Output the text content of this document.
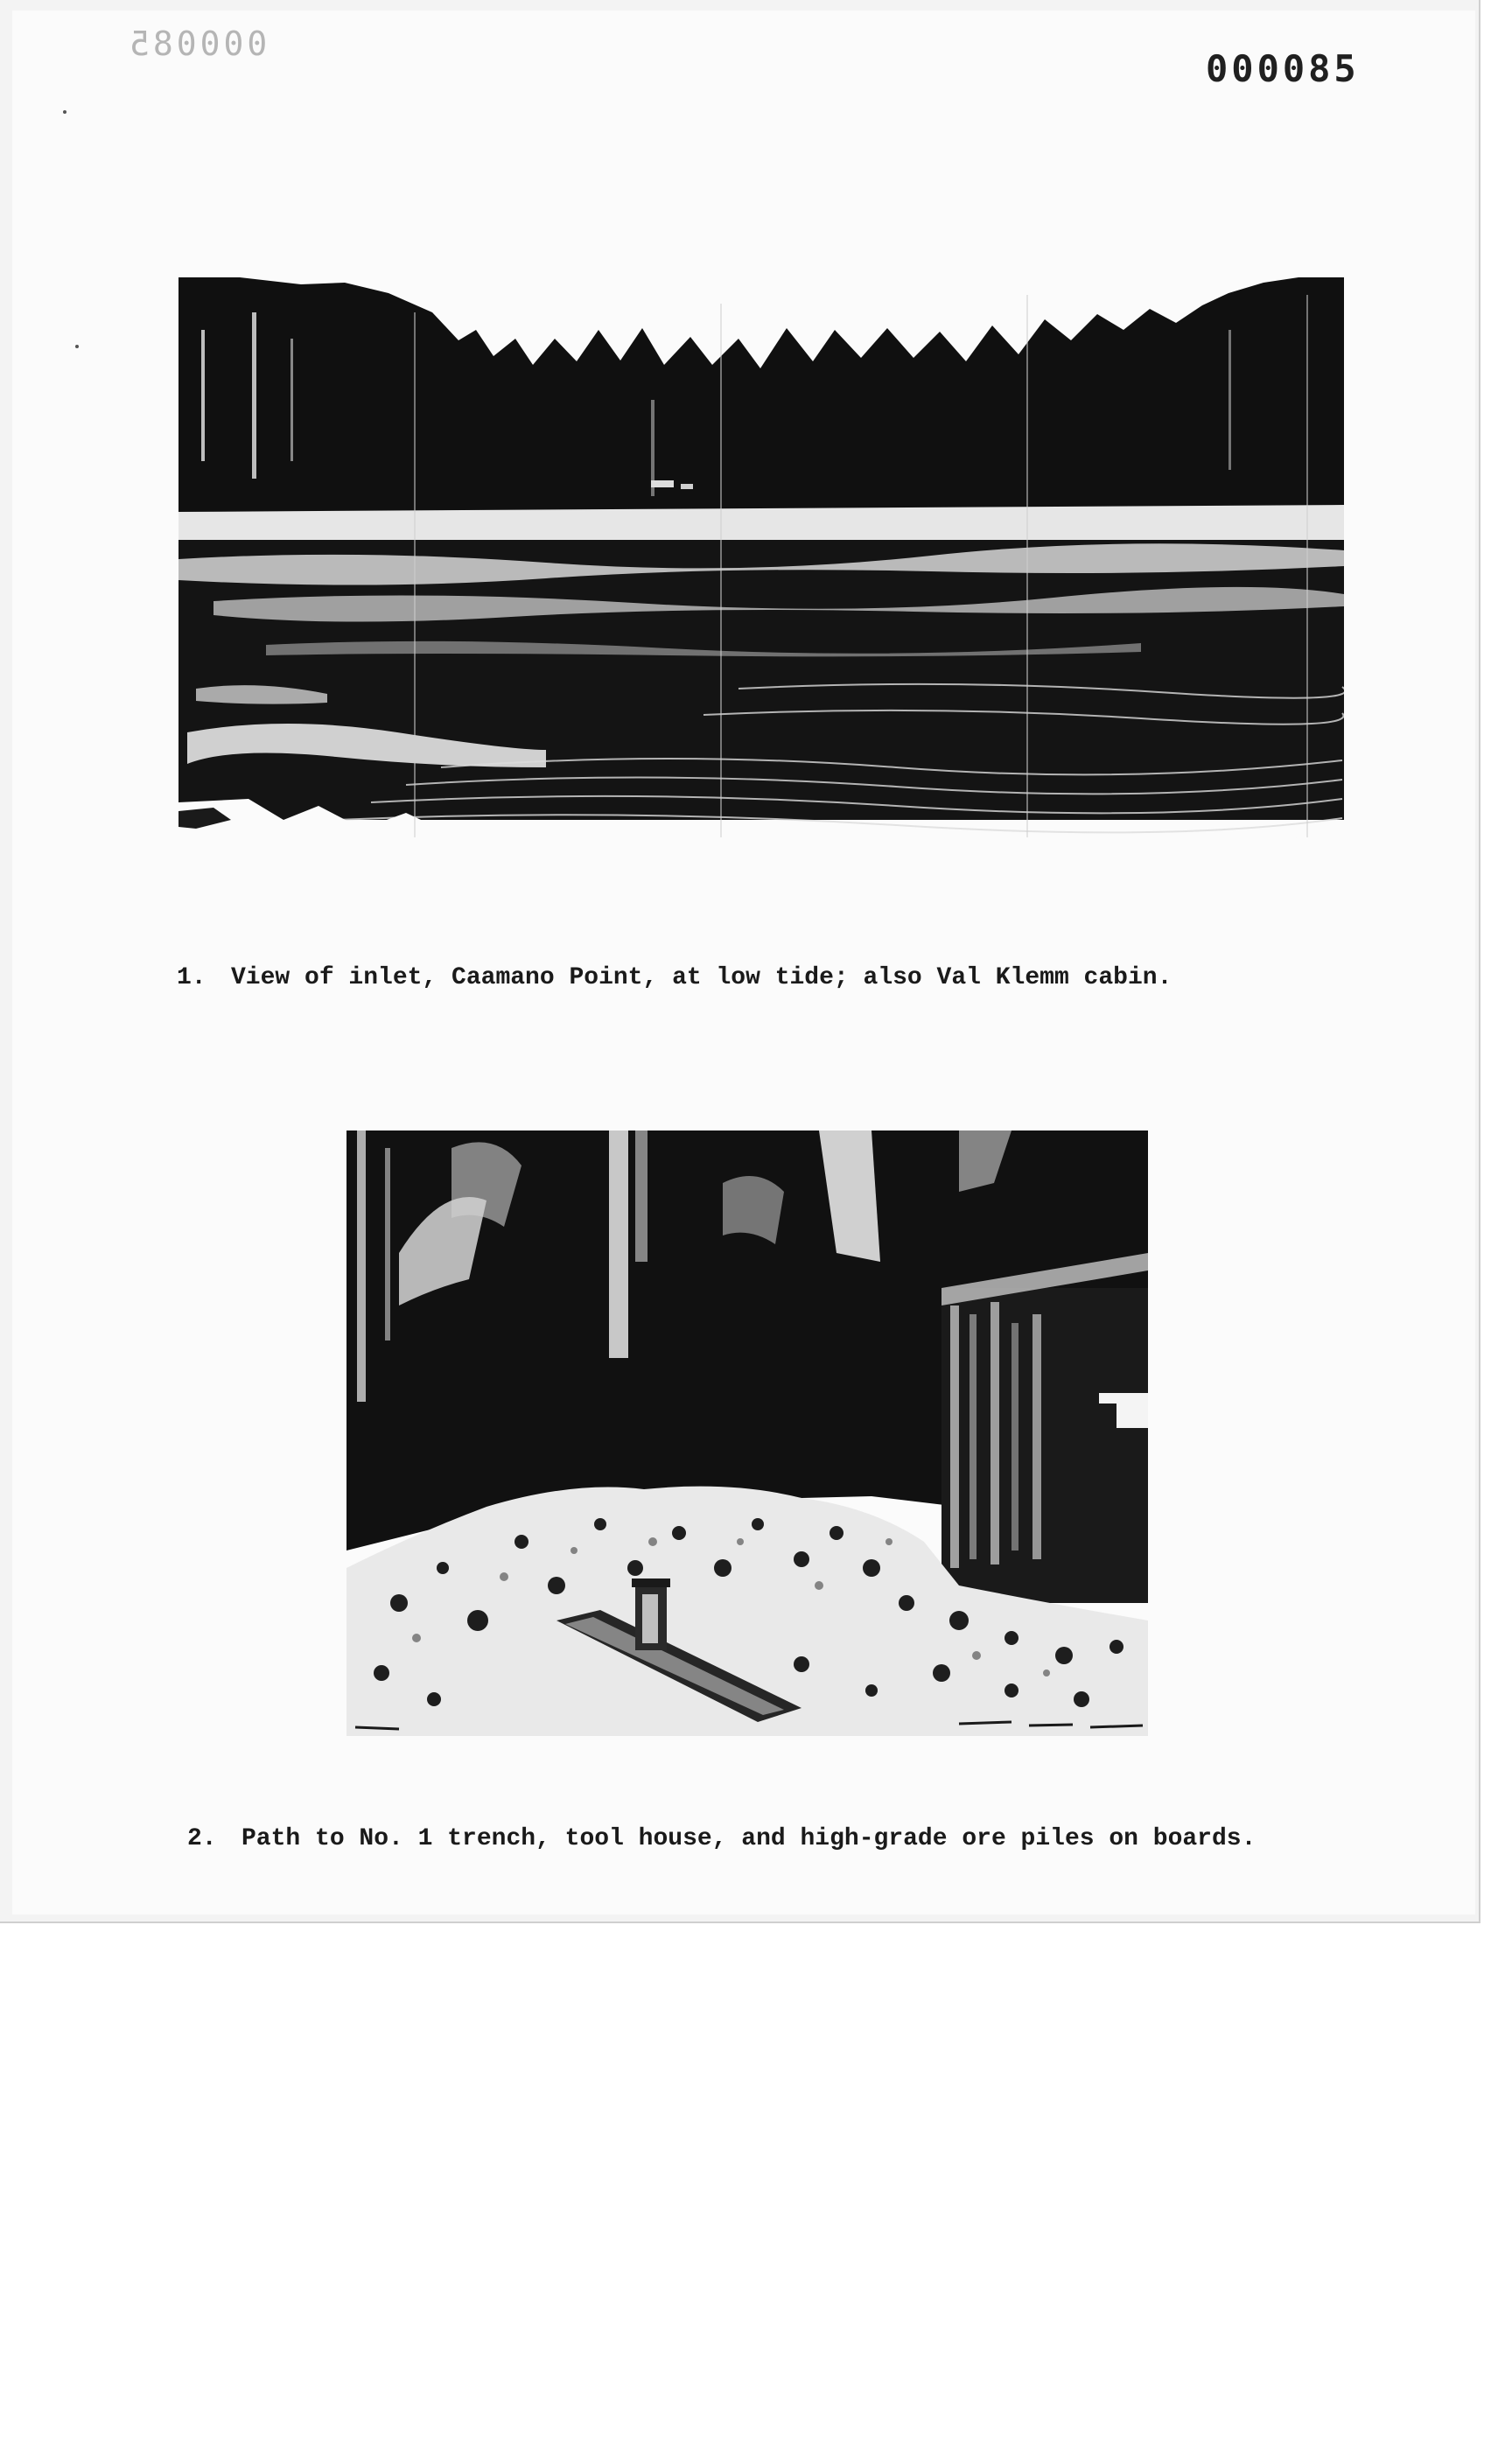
000085
000085
1. View of inlet, Caamano Point, at low tide; also Val Klemm cabin.
2. Path to No. 1 trench, tool house, and high-grade ore piles on boards.
